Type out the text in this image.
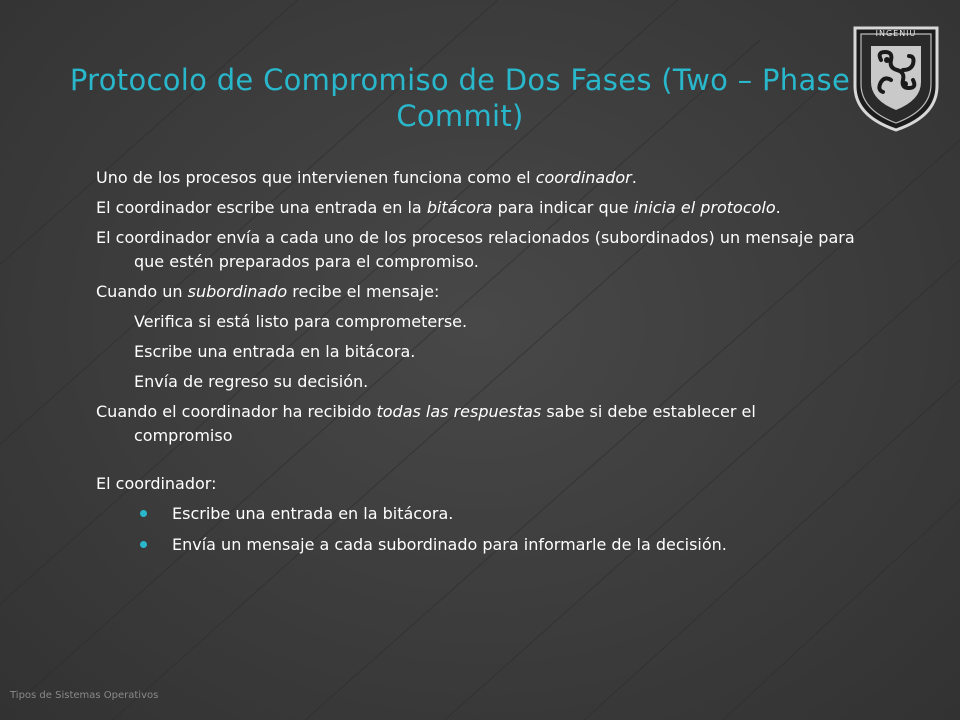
Protocolo de Compromiso de Dos Fases (Two – Phase Commit)
INGENIU
Uno de los procesos que intervienen funciona como el coordinador.
El coordinador escribe una entrada en la bitácora para indicar que inicia el protocolo.
El coordinador envía a cada uno de los procesos relacionados (subordinados) un mensaje para que estén preparados para el compromiso.
Cuando un subordinado recibe el mensaje:
Verifica si está listo para comprometerse.
Escribe una entrada en la bitácora.
Envía de regreso su decisión.
Cuando el coordinador ha recibido todas las respuestas sabe si debe establecer el compromiso
El coordinador:
Escribe una entrada en la bitácora.
Envía un mensaje a cada subordinado para informarle de la decisión.
Tipos de Sistemas Operativos
